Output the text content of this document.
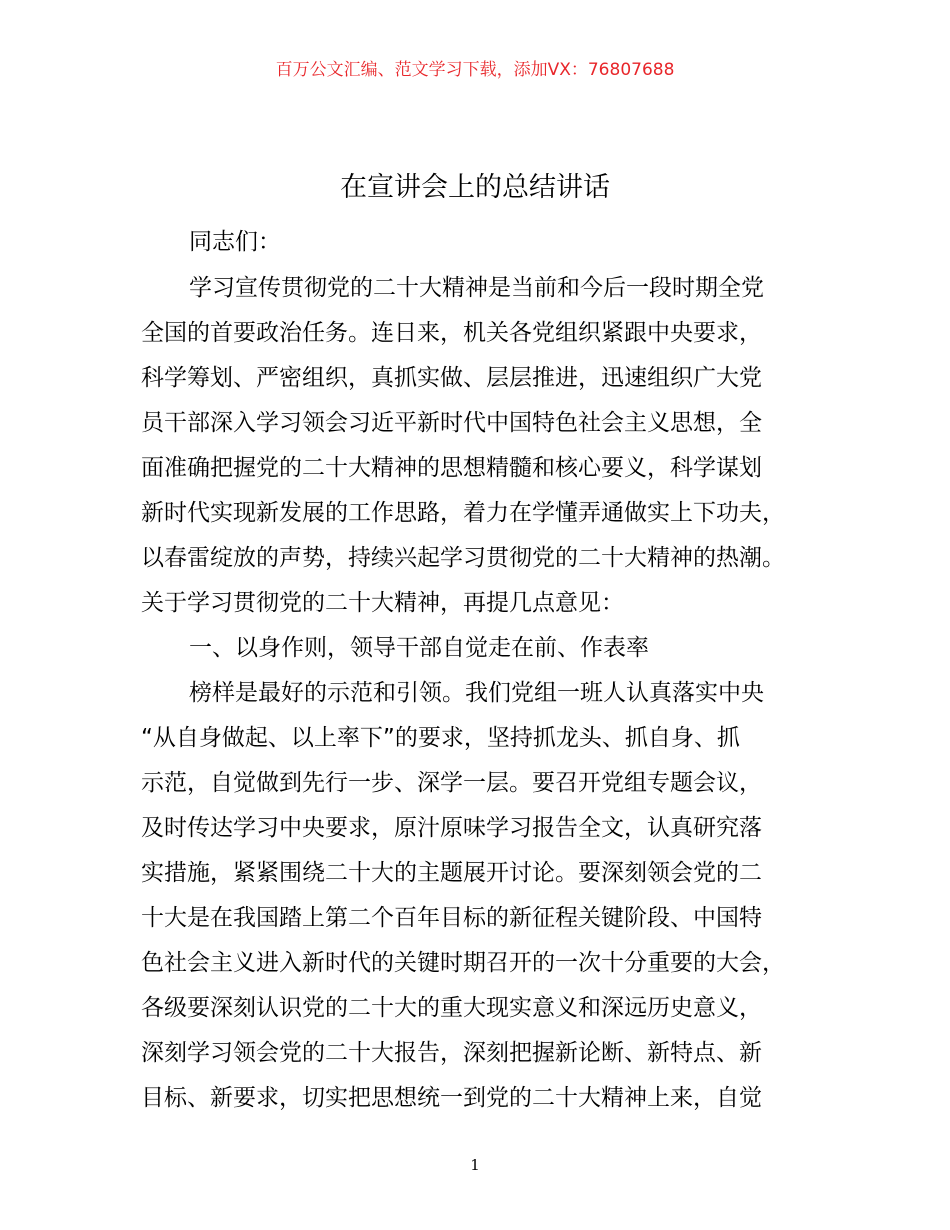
百万公文汇编、范文学习下载，添加VX：76807688
在宣讲会上的总结讲话
同志们：
学习宣传贯彻党的二十大精神是当前和今后一段时期全党
全国的首要政治任务。连日来，机关各党组织紧跟中央要求，
科学筹划、严密组织，真抓实做、层层推进，迅速组织广大党
员干部深入学习领会习近平新时代中国特色社会主义思想，全
面准确把握党的二十大精神的思想精髓和核心要义，科学谋划
新时代实现新发展的工作思路，着力在学懂弄通做实上下功夫，
以春雷绽放的声势，持续兴起学习贯彻党的二十大精神的热潮。
关于学习贯彻党的二十大精神，再提几点意见：
一、以身作则，领导干部自觉走在前、作表率
榜样是最好的示范和引领。我们党组一班人认真落实中央
“从自身做起、以上率下”的要求，坚持抓龙头、抓自身、抓
示范，自觉做到先行一步、深学一层。要召开党组专题会议，
及时传达学习中央要求，原汁原味学习报告全文，认真研究落
实措施，紧紧围绕二十大的主题展开讨论。要深刻领会党的二
十大是在我国踏上第二个百年目标的新征程关键阶段、中国特
色社会主义进入新时代的关键时期召开的一次十分重要的大会，
各级要深刻认识党的二十大的重大现实意义和深远历史意义，
深刻学习领会党的二十大报告，深刻把握新论断、新特点、新
目标、新要求，切实把思想统一到党的二十大精神上来，自觉
1
